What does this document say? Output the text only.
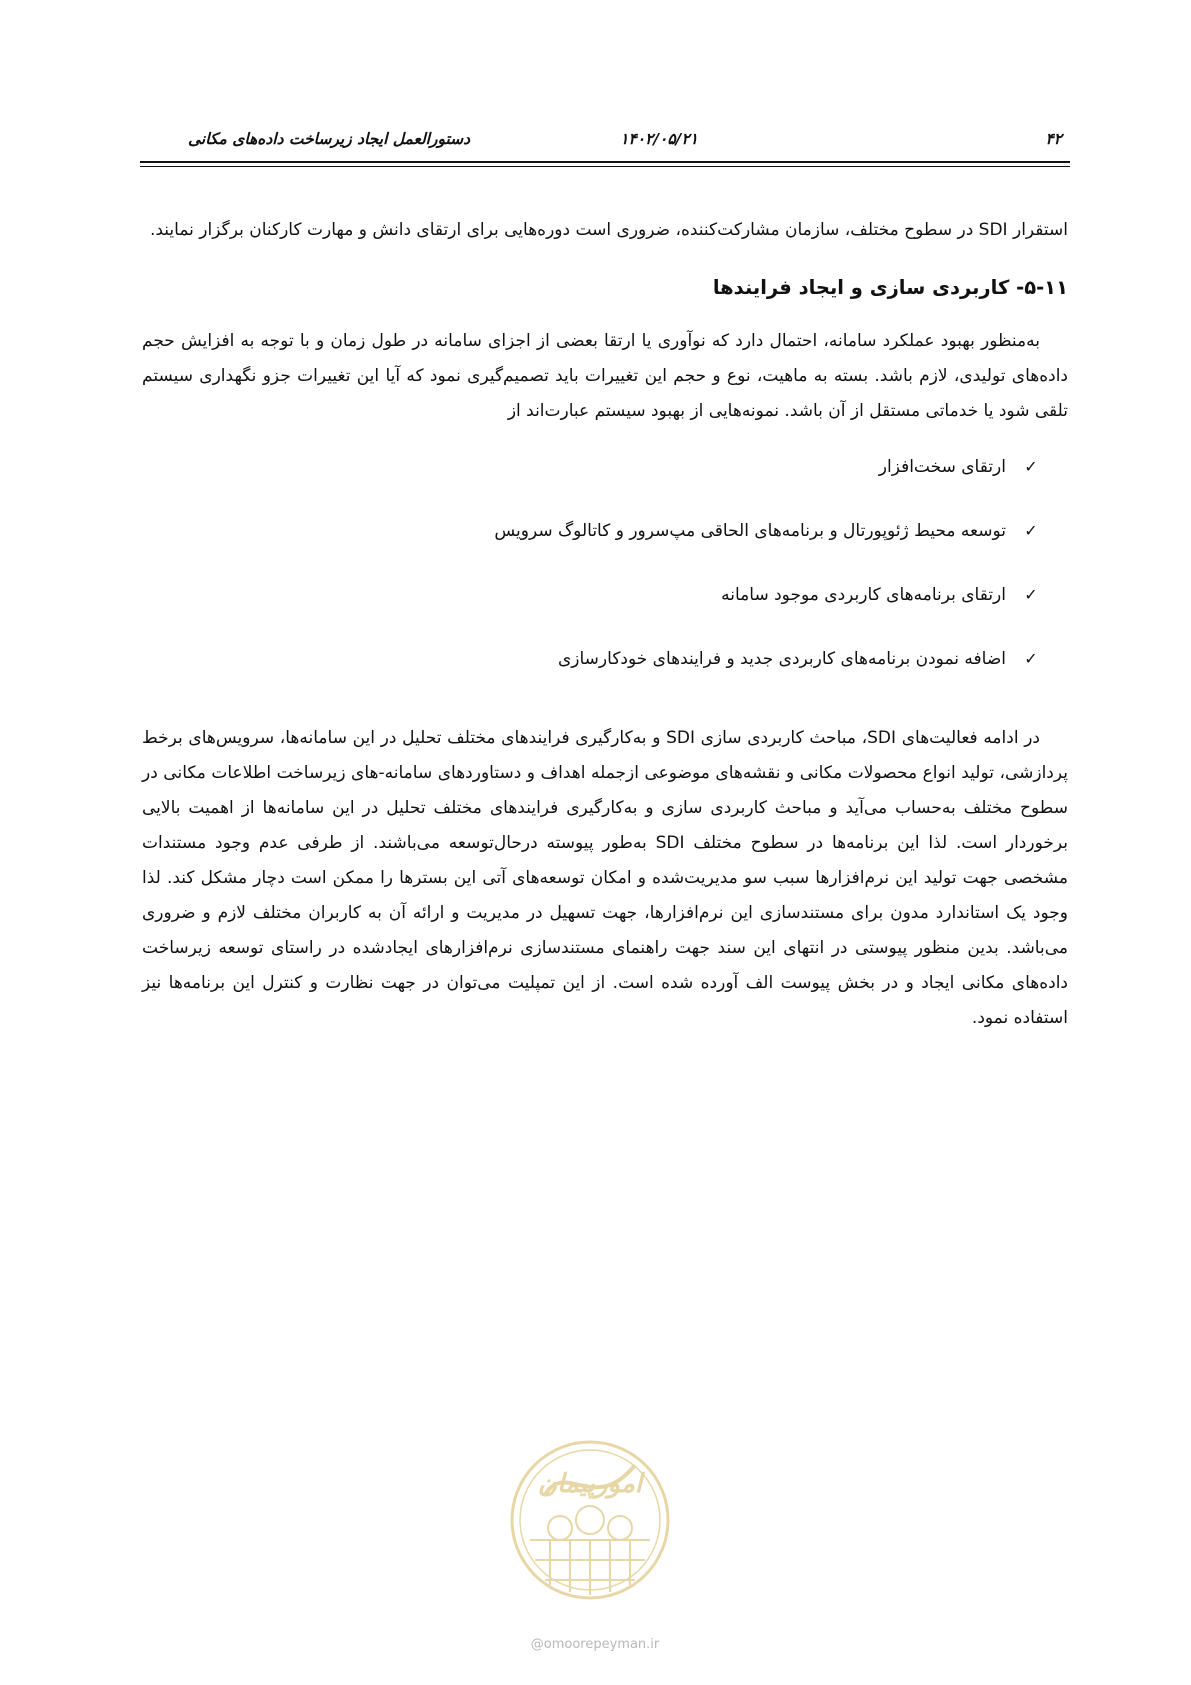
۴۲
۱۴۰۲/۰۵/۲۱
دستورالعمل ایجاد زیرساخت داده‌های مکانی

استقرار SDI در سطوح مختلف، سازمان مشارکت‌کننده، ضروری است دوره‌هایی برای ارتقای دانش و مهارت کارکنان برگزار نمایند.

۵-۱۱- کاربردی سازی و ایجاد فرایندها

به‌منظور بهبود عملکرد سامانه، احتمال دارد که نوآوری یا ارتقا بعضی از اجزای سامانه در طول زمان و با توجه به افزایش حجم داده‌های تولیدی، لازم باشد. بسته به ماهیت، نوع و حجم این تغییرات باید تصمیم‌گیری نمود که آیا این تغییرات جزو نگهداری سیستم تلقی شود یا خدماتی مستقل از آن باشد. نمونه‌هایی از بهبود سیستم عبارت‌اند از

✓ارتقای سخت‌افزار
✓توسعه محیط ژئوپورتال و برنامه‌های الحاقی مپ‌سرور و کاتالوگ سرویس
✓ارتقای برنامه‌های کاربردی موجود سامانه
✓اضافه نمودن برنامه‌های کاربردی جدید و فرایندهای خودکارسازی

در ادامه فعالیت‌های SDI، مباحث کاربردی سازی SDI و به‌کارگیری فرایندهای مختلف تحلیل در این سامانه‌ها، سرویس‌های برخط پردازشی، تولید انواع محصولات مکانی و نقشه‌های موضوعی ازجمله اهداف و دستاوردهای سامانه-های زیرساخت اطلاعات مکانی در سطوح مختلف به‌حساب می‌آید و مباحث کاربردی سازی و به‌کارگیری فرایندهای مختلف تحلیل در این سامانه‌ها از اهمیت بالایی برخوردار است. لذا این برنامه‌ها در سطوح مختلف SDI به‌طور پیوسته درحال‌توسعه می‌باشند. از طرفی عدم وجود مستندات مشخصی جهت تولید این نرم‌افزارها سبب سو مدیریت‌شده و امکان توسعه‌های آتی این بسترها را ممکن است دچار مشکل کند. لذا وجود یک استاندارد مدون برای مستندسازی این نرم‌افزارها، جهت تسهیل در مدیریت و ارائه آن به کاربران مختلف لازم و ضروری می‌باشد. بدین منظور پیوستی در انتهای این سند جهت راهنمای مستندسازی نرم‌افزارهای ایجادشده در راستای توسعه زیرساخت داده‌های مکانی ایجاد و در بخش پیوست الف آورده شده است. از این تمپلیت می‌توان در جهت نظارت و کنترل این برنامه‌ها نیز استفاده نمود.

امورپیمان
@omoorepeyman.ir
